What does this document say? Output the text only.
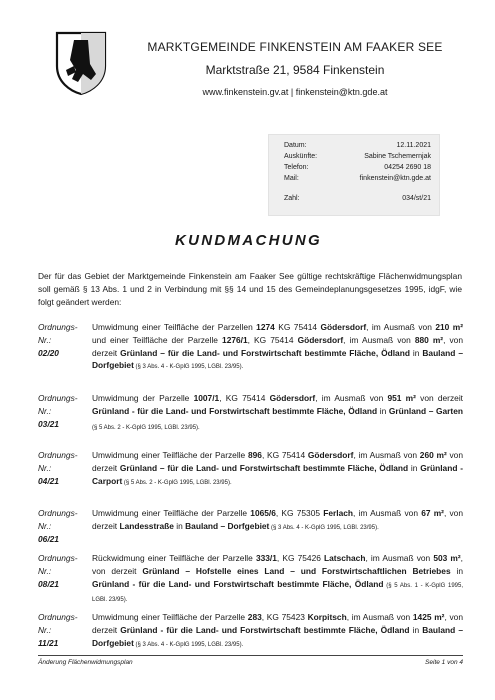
MARKTGEMEINDE FINKENSTEIN AM FAAKER SEE
Marktstraße 21, 9584 Finkenstein
www.finkenstein.gv.at | finkenstein@ktn.gde.at
Datum:	12.11.2021
Auskünfte:	Sabine Tschemernjak
Telefon:	04254 2690 18
Mail:	finkenstein@ktn.gde.at
Zahl:	034/st/21
KUNDMACHUNG
Der für das Gebiet der Marktgemeinde Finkenstein am Faaker See gültige rechtskräftige Flächenwidmungsplan soll gemäß § 13 Abs. 1 und 2 in Verbindung mit §§ 14 und 15 des Gemeindeplanungsgesetzes 1995, idgF, wie folgt geändert werden:
Ordnungs-Nr.:
02/20
Umwidmung einer Teilfläche der Parzellen 1274 KG 75414 Gödersdorf, im Ausmaß von 210 m² und einer Teilfläche der Parzelle 1276/1, KG 75414 Gödersdorf, im Ausmaß von 880 m², von derzeit Grünland – für die Land- und Forstwirtschaft bestimmte Fläche, Ödland in Bauland – Dorfgebiet (§ 3 Abs. 4 - K-GplG 1995, LGBl. 23/95).
Ordnungs-Nr.:
03/21
Umwidmung der Parzelle 1007/1, KG 75414 Gödersdorf, im Ausmaß von 951 m² von derzeit Grünland - für die Land- und Forstwirtschaft bestimmte Fläche, Ödland in Grünland – Garten (§ 5 Abs. 2 - K-GplG 1995, LGBl. 23/95).
Ordnungs-Nr.:
04/21
Umwidmung einer Teilfläche der Parzelle 896, KG 75414 Gödersdorf, im Ausmaß von 260 m² von derzeit Grünland – für die Land- und Forstwirtschaft bestimmte Fläche, Ödland in Grünland - Carport (§ 5 Abs. 2 - K-GplG 1995, LGBl. 23/95).
Ordnungs-Nr.:
06/21
Umwidmung einer Teilfläche der Parzelle 1065/6, KG 75305 Ferlach, im Ausmaß von 67 m², von derzeit Landesstraße in Bauland – Dorfgebiet (§ 3 Abs. 4 - K-GplG 1995, LGBl. 23/95).
Ordnungs-Nr.:
08/21
Rückwidmung einer Teilfläche der Parzelle 333/1, KG 75426 Latschach, im Ausmaß von 503 m², von derzeit Grünland – Hofstelle eines Land – und Forstwirtschaftlichen Betriebes in Grünland - für die Land- und Forstwirtschaft bestimmte Fläche, Ödland (§ 5 Abs. 1 - K-GplG 1995, LGBl. 23/95).
Ordnungs-Nr.:
11/21
Umwidmung einer Teilfläche der Parzelle 283, KG 75423 Korpitsch, im Ausmaß von 1425 m², von derzeit Grünland - für die Land- und Forstwirtschaft bestimmte Fläche, Ödland in Bauland – Dorfgebiet (§ 3 Abs. 4 - K-GplG 1995, LGBl. 23/95).
Änderung Flächenwidmungsplan	Seite 1 von 4
